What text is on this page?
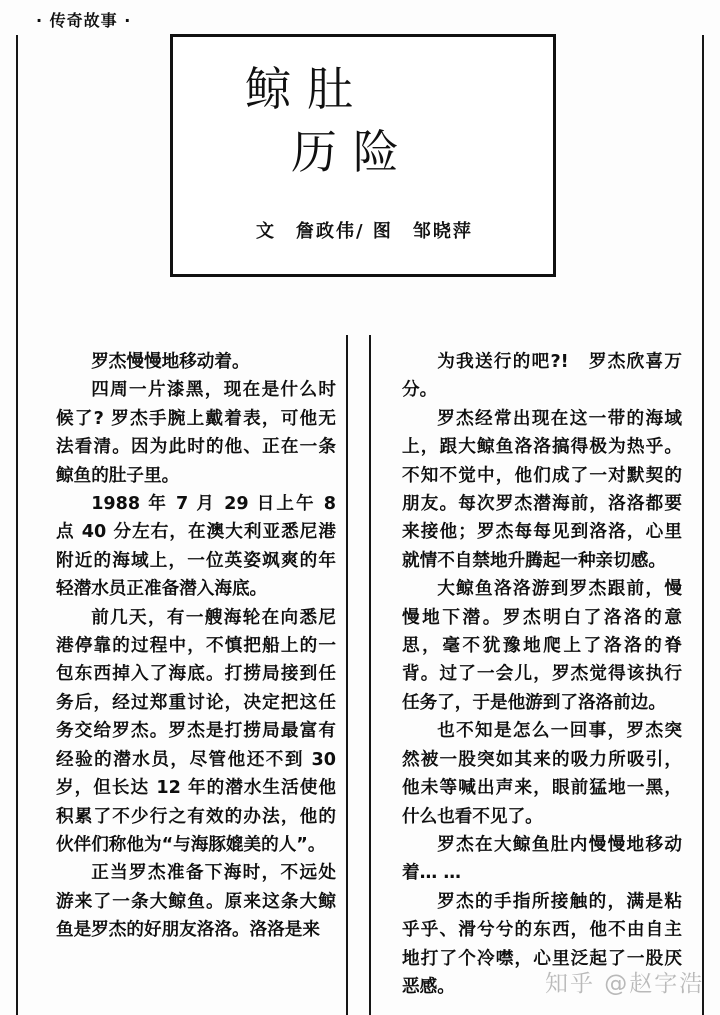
· 传奇故事 ·
鲸肚
历险
文　詹政伟/ 图　邹晓萍

罗杰慢慢地移动着。

四周一片漆黑，现在是什么时候了? 罗杰手腕上戴着表，可他无法看清。因为此时的他、正在一条鲸鱼的肚子里。

1988 年 7 月 29 日上午 8 点 40 分左右，在澳大利亚悉尼港附近的海域上，一位英姿飒爽的年轻潜水员正准备潜入海底。

前几天，有一艘海轮在向悉尼港停靠的过程中，不慎把船上的一包东西掉入了海底。打捞局接到任务后，经过郑重讨论，决定把这任务交给罗杰。罗杰是打捞局最富有经验的潜水员，尽管他还不到 30 岁，但长达 12 年的潜水生活使他积累了不少行之有效的办法，他的伙伴们称他为“与海豚媲美的人”。

正当罗杰准备下海时，不远处游来了一条大鲸鱼。原来这条大鲸鱼是罗杰的好朋友洛洛。洛洛是来

为我送行的吧?!　罗杰欣喜万分。

罗杰经常出现在这一带的海域上，跟大鲸鱼洛洛搞得极为热乎。不知不觉中，他们成了一对默契的朋友。每次罗杰潜海前，洛洛都要来接他；罗杰每每见到洛洛，心里就情不自禁地升腾起一种亲切感。

大鲸鱼洛洛游到罗杰跟前，慢慢地下潜。罗杰明白了洛洛的意思，毫不犹豫地爬上了洛洛的脊背。过了一会儿，罗杰觉得该执行任务了，于是他游到了洛洛前边。

也不知是怎么一回事，罗杰突然被一股突如其来的吸力所吸引，他未等喊出声来，眼前猛地一黑，什么也看不见了。

罗杰在大鲸鱼肚内慢慢地移动着… …

罗杰的手指所接触的，满是粘乎乎、滑兮兮的东西，他不由自主地打了个冷噤，心里泛起了一股厌恶感。	知乎 @赵字浩
